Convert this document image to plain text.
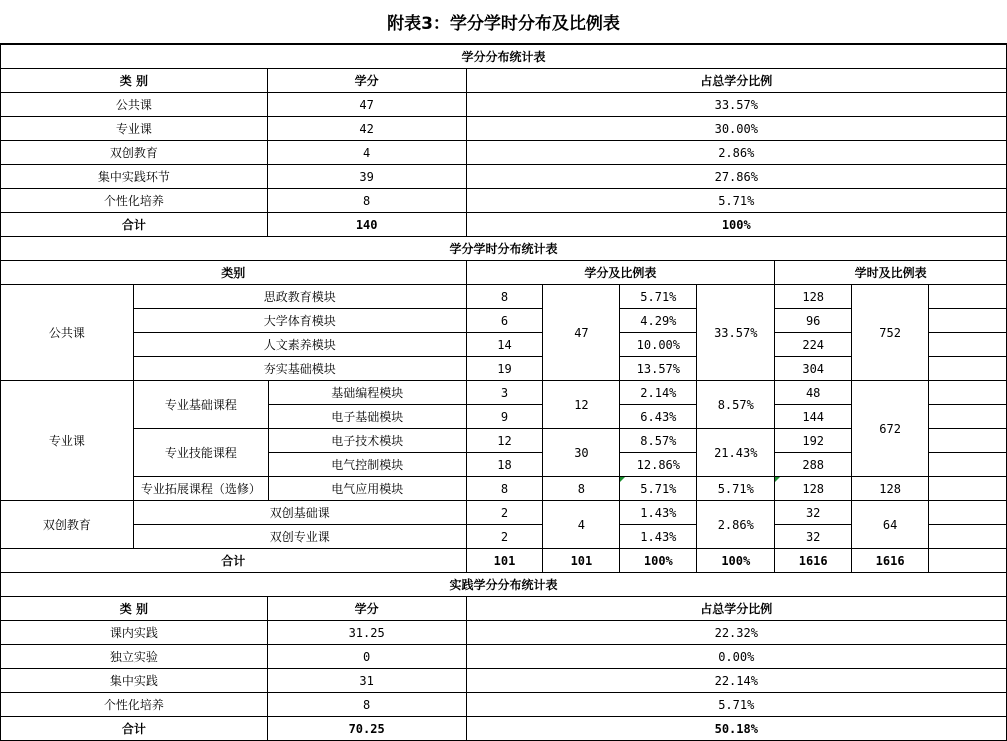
附表3：学分学时分布及比例表
学分分布统计表		
类 别	学分	占总学分比例
公共课	47	33.57%
专业课	42	30.00%
双创教育	4	2.86%
集中实践环节	39	27.86%
个性化培养	8	5.71%
合计	140	100%
学分学时分布统计表									
类别			学分及比例表				学时及比例表		
公共课	思政教育模块		8	47	5.71%	33.57%	128	752	
	大学体育模块		6		4.29%		96		
	人文素养模块		14		10.00%		224		
	夯实基础模块		19		13.57%		304		
专业课	专业基础课程	基础编程模块	3	12	2.14%	8.57%	48	672	
		电子基础模块	9		6.43%		144		
	专业技能课程	电子技术模块	12	30	8.57%	21.43%	192		
		电气控制模块	18		12.86%		288		
	专业拓展课程（选修）	电气应用模块	8	8	5.71%	5.71%	128	128	
双创教育	双创基础课		2	4	1.43%	2.86%	32	64	
	双创专业课		2		1.43%		32		
合计			101	101	100%	100%	1616	1616	
实践学分分布统计表		
类 别	学分	占总学分比例
课内实践	31.25	22.32%
独立实验	0	0.00%
集中实践	31	22.14%
个性化培养	8	5.71%
合计	70.25	50.18%
